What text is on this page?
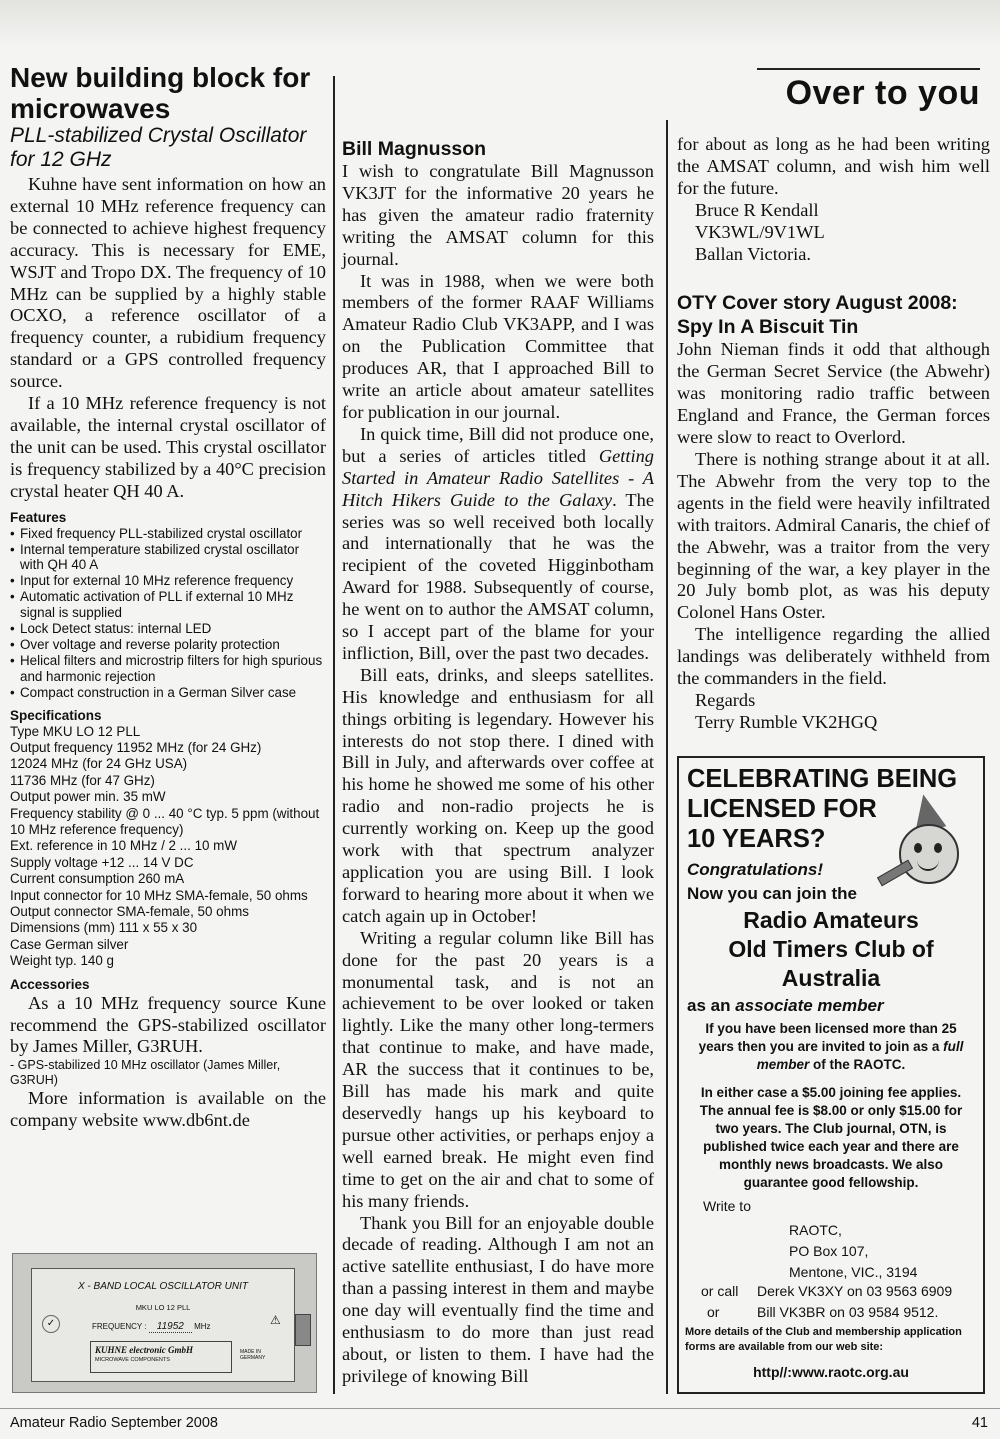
Over to you
New building block for microwaves

PLL-stabilized Crystal Oscillator for 12 GHz

Kuhne have sent information on how an external 10 MHz reference frequency can be connected to achieve highest frequency accuracy. This is necessary for EME, WSJT and Tropo DX. The frequency of 10 MHz can be supplied by a highly stable OCXO, a reference oscillator of a frequency counter, a rubidium frequency standard or a GPS controlled frequency source.

If a 10 MHz reference frequency is not available, the internal crystal oscillator of the unit can be used. This crystal oscillator is frequency stabilized by a 40°C precision crystal heater QH 40 A.

Features
• Fixed frequency PLL-stabilized crystal oscillator
• Internal temperature stabilized crystal oscillator with QH 40 A
• Input for external 10 MHz reference frequency
• Automatic activation of PLL if external 10 MHz signal is supplied
• Lock Detect status: internal LED
• Over voltage and reverse polarity protection
• Helical filters and microstrip filters for high spurious and harmonic rejection
• Compact construction in a German Silver case
Specifications

Type MKU LO 12 PLL

Output frequency 11952 MHz (for 24 GHz)

12024 MHz (for 24 GHz USA)

11736 MHz (for 47 GHz)

Output power min. 35 mW

Frequency stability @ 0 ... 40 °C typ. 5 ppm (without 10 MHz reference frequency)

Ext. reference in 10 MHz / 2 ... 10 mW

Supply voltage +12 ... 14 V DC

Current consumption 260 mA

Input connector for 10 MHz SMA-female, 50 ohms

Output connector SMA-female, 50 ohms

Dimensions (mm) 111 x 55 x 30

Case German silver

Weight typ. 140 g

Accessories

As a 10 MHz frequency source Kune recommend the GPS-stabilized oscillator by James Miller, G3RUH.

- GPS-stabilized 10 MHz oscillator (James Miller, G3RUH)

More information is available on the company website www.db6nt.de

X - BAND LOCAL OSCILLATOR UNIT
MKU LO 12 PLL
FREQUENCY : 11952 MHz
✓	⚠
KUHNE electronic GmbH
MICROWAVE COMPONENTS
MADE IN GERMANY
Bill Magnusson

I wish to congratulate Bill Magnusson VK3JT for the informative 20 years he has given the amateur radio fraternity writing the AMSAT column for this journal.

It was in 1988, when we were both members of the former RAAF Williams Amateur Radio Club VK3APP, and I was on the Publication Committee that produces AR, that I approached Bill to write an article about amateur satellites for publication in our journal.

In quick time, Bill did not produce one, but a series of articles titled Getting Started in Amateur Radio Satellites - A Hitch Hikers Guide to the Galaxy. The series was so well received both locally and internationally that he was the recipient of the coveted Higginbotham Award for 1988. Subsequently of course, he went on to author the AMSAT column, so I accept part of the blame for your infliction, Bill, over the past two decades.

Bill eats, drinks, and sleeps satellites. His knowledge and enthusiasm for all things orbiting is legendary. However his interests do not stop there. I dined with Bill in July, and afterwards over coffee at his home he showed me some of his other radio and non-radio projects he is currently working on. Keep up the good work with that spectrum analyzer application you are using Bill. I look forward to hearing more about it when we catch again up in October!

Writing a regular column like Bill has done for the past 20 years is a monumental task, and is not an achievement to be over looked or taken lightly. Like the many other long-termers that continue to make, and have made, AR the success that it continues to be, Bill has made his mark and quite deservedly hangs up his keyboard to pursue other activities, or perhaps enjoy a well earned break. He might even find time to get on the air and chat to some of his many friends.

Thank you Bill for an enjoyable double decade of reading. Although I am not an active satellite enthusiast, I do have more than a passing interest in them and maybe one day will eventually find the time and enthusiasm to do more than just read about, or listen to them. I have had the privilege of knowing Bill

for about as long as he had been writing the AMSAT column, and wish him well for the future.

Bruce R Kendall

VK3WL/9V1WL

Ballan Victoria.

OTY Cover story August 2008: Spy In A Biscuit Tin

John Nieman finds it odd that although the German Secret Service (the Abwehr) was monitoring radio traffic between England and France, the German forces were slow to react to Overlord.

There is nothing strange about it at all. The Abwehr from the very top to the agents in the field were heavily infiltrated with traitors. Admiral Canaris, the chief of the Abwehr, was a traitor from the very beginning of the war, a key player in the 20 July bomb plot, as was his deputy Colonel Hans Oster.

The intelligence regarding the allied landings was deliberately withheld from the commanders in the field.

Regards

Terry Rumble VK2HGQ

CELEBRATING BEING
LICENSED FOR
10 YEARS?
Congratulations!
Now you can join the
Radio Amateurs
Old Timers Club of
Australia
as an associate member
If you have been licensed more than 25 years then you are invited to join as a full member of the RAOTC.
In either case a $5.00 joining fee applies. The annual fee is $8.00 or only $15.00 for two years. The Club journal, OTN, is published twice each year and there are monthly news broadcasts. We also guarantee good fellowship.
Write to
RAOTC,
PO Box 107,
Mentone, VIC., 3194
or call Derek VK3XY on 03 9563 6909
or	Bill VK3BR on 03 9584 9512.
More details of the Club and membership application forms are available from our web site:
http//:www.raotc.org.au
Amateur Radio September 2008	41
